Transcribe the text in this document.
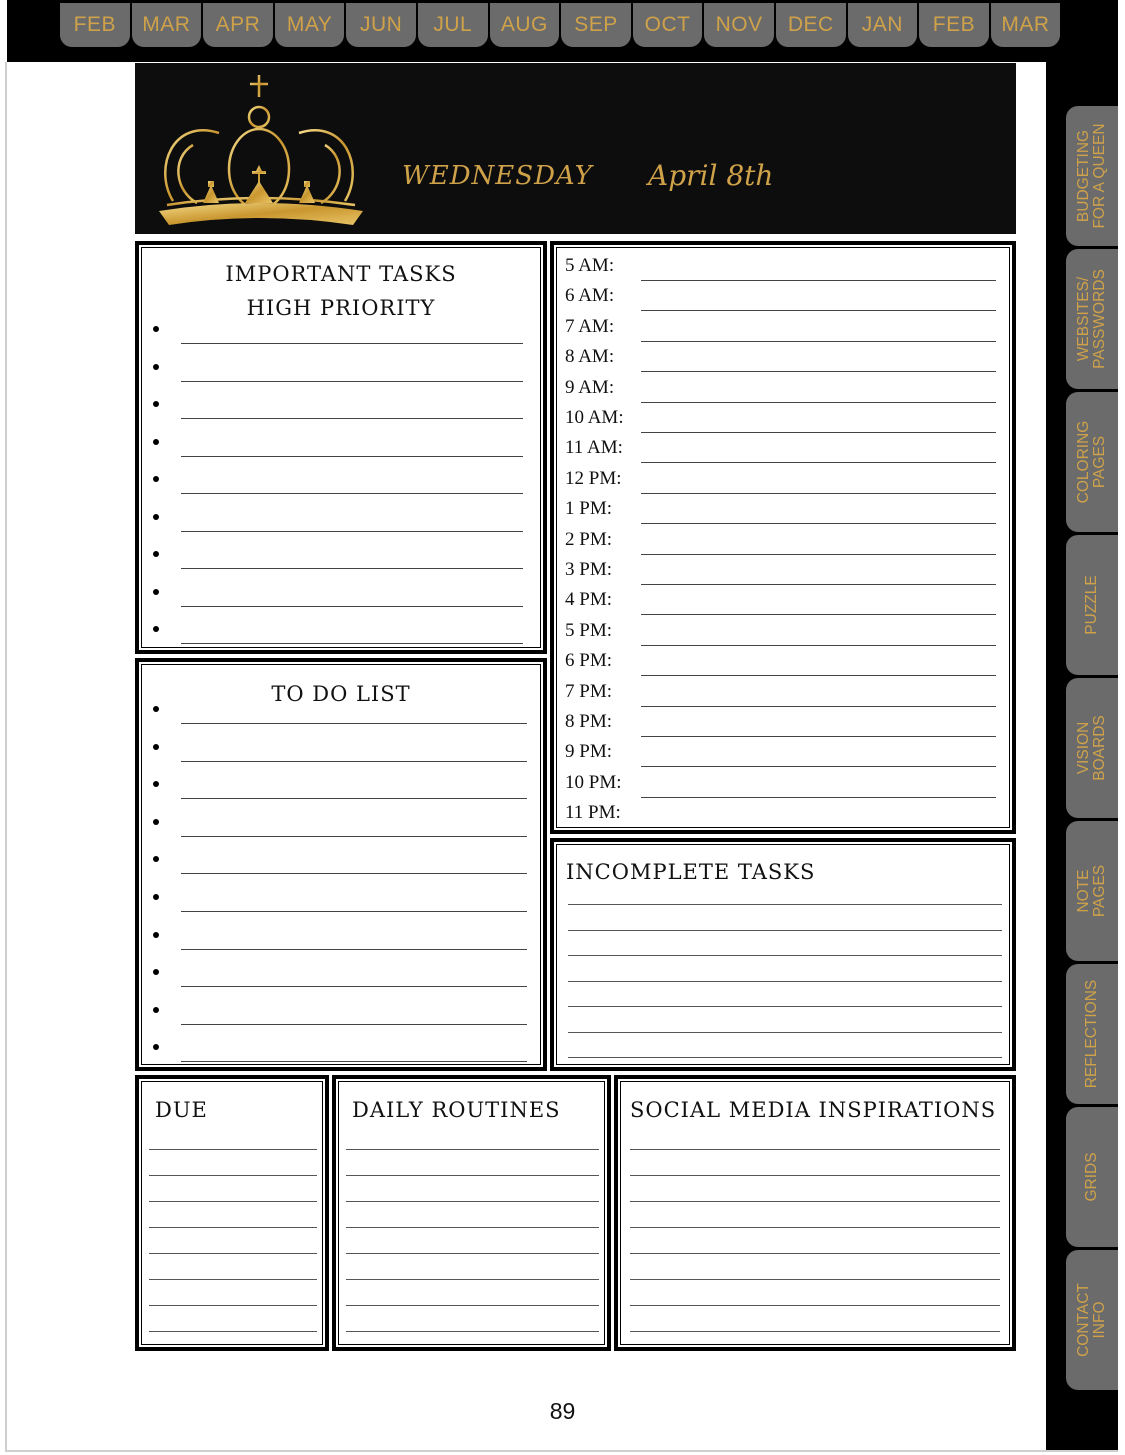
FEB	MAR	APR	MAY	JUN	JUL	AUG	SEP	OCT	NOV	DEC	JAN	FEB	MAR
BUDGETING FOR A QUEEN
WEBSITES/ PASSWORDS
COLORING PAGES
PUZZLE
VISION BOARDS
NOTE PAGES
REFLECTIONS
GRIDS
CONTACT INFO
WEDNESDAY April 8th
IMPORTANT TASKS
HIGH PRIORITY
TO DO LIST
5 AM:
6 AM:
7 AM:
8 AM:
9 AM:
10 AM:
11 AM:
12 PM:
1 PM:
2 PM:
3 PM:
4 PM:
5 PM:
6 PM:
7 PM:
8 PM:
9 PM:
10 PM:
11 PM:
INCOMPLETE TASKS
DUE	DAILY ROUTINES	SOCIAL MEDIA INSPIRATIONS
89
